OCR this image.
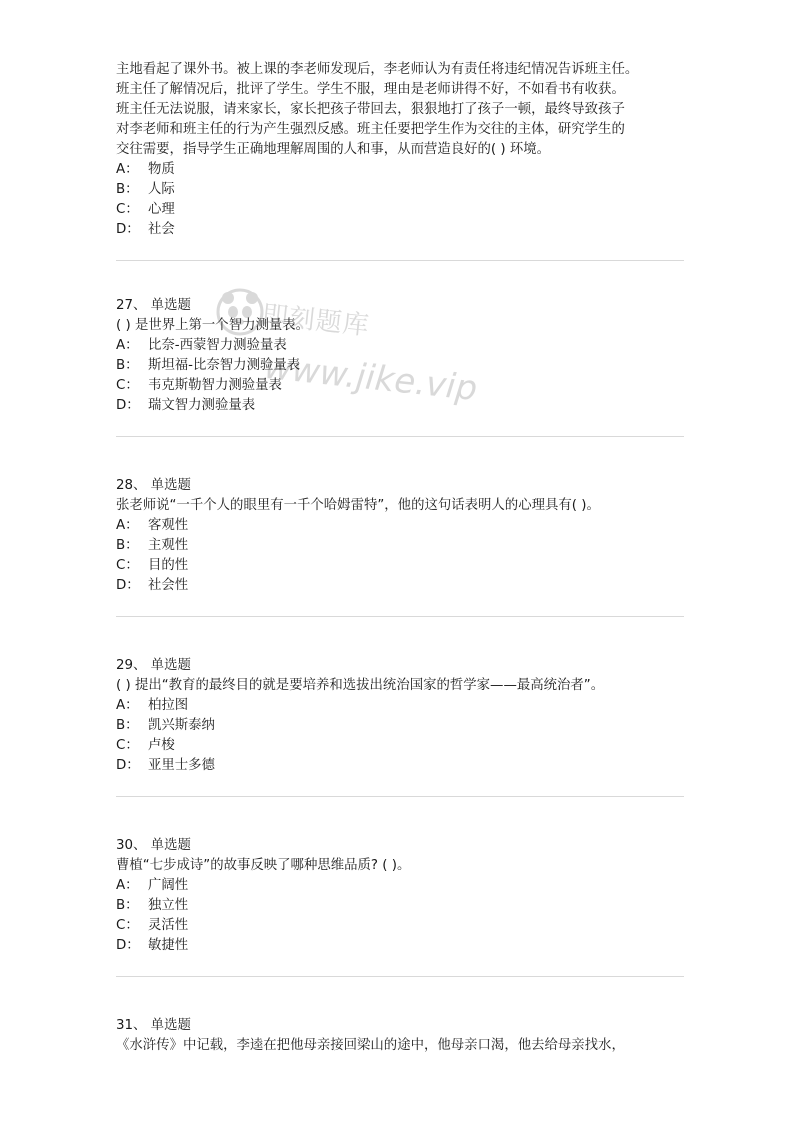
主地看起了课外书。被上课的李老师发现后，李老师认为有责任将违纪情况告诉班主任。

班主任了解情况后，批评了学生。学生不服，理由是老师讲得不好，不如看书有收获。

班主任无法说服，请来家长，家长把孩子带回去，狠狠地打了孩子一顿，最终导致孩子

对李老师和班主任的行为产生强烈反感。班主任要把学生作为交往的主体，研究学生的

交往需要，指导学生正确地理解周围的人和事，从而营造良好的( ) 环境。

A： 物质
B： 人际
C： 心理
D： 社会

27、 单选题

( ) 是世界上第一个智力测量表。

A： 比奈-西蒙智力测验量表
B： 斯坦福-比奈智力测验量表
C： 韦克斯勒智力测验量表
D： 瑞文智力测验量表

28、 单选题

张老师说“一千个人的眼里有一千个哈姆雷特”，他的这句话表明人的心理具有( )。

A： 客观性
B： 主观性
C： 目的性
D： 社会性

29、 单选题

( ) 提出“教育的最终目的就是要培养和选拔出统治国家的哲学家——最高统治者”。

A： 柏拉图
B： 凯兴斯泰纳
C： 卢梭
D： 亚里士多德

30、 单选题

曹植“七步成诗”的故事反映了哪种思维品质? ( )。

A： 广阔性
B： 独立性
C： 灵活性
D： 敏捷性

31、 单选题

《水浒传》中记载，李逵在把他母亲接回梁山的途中，他母亲口渴，他去给母亲找水，

即刻题库
www.jike.vip
